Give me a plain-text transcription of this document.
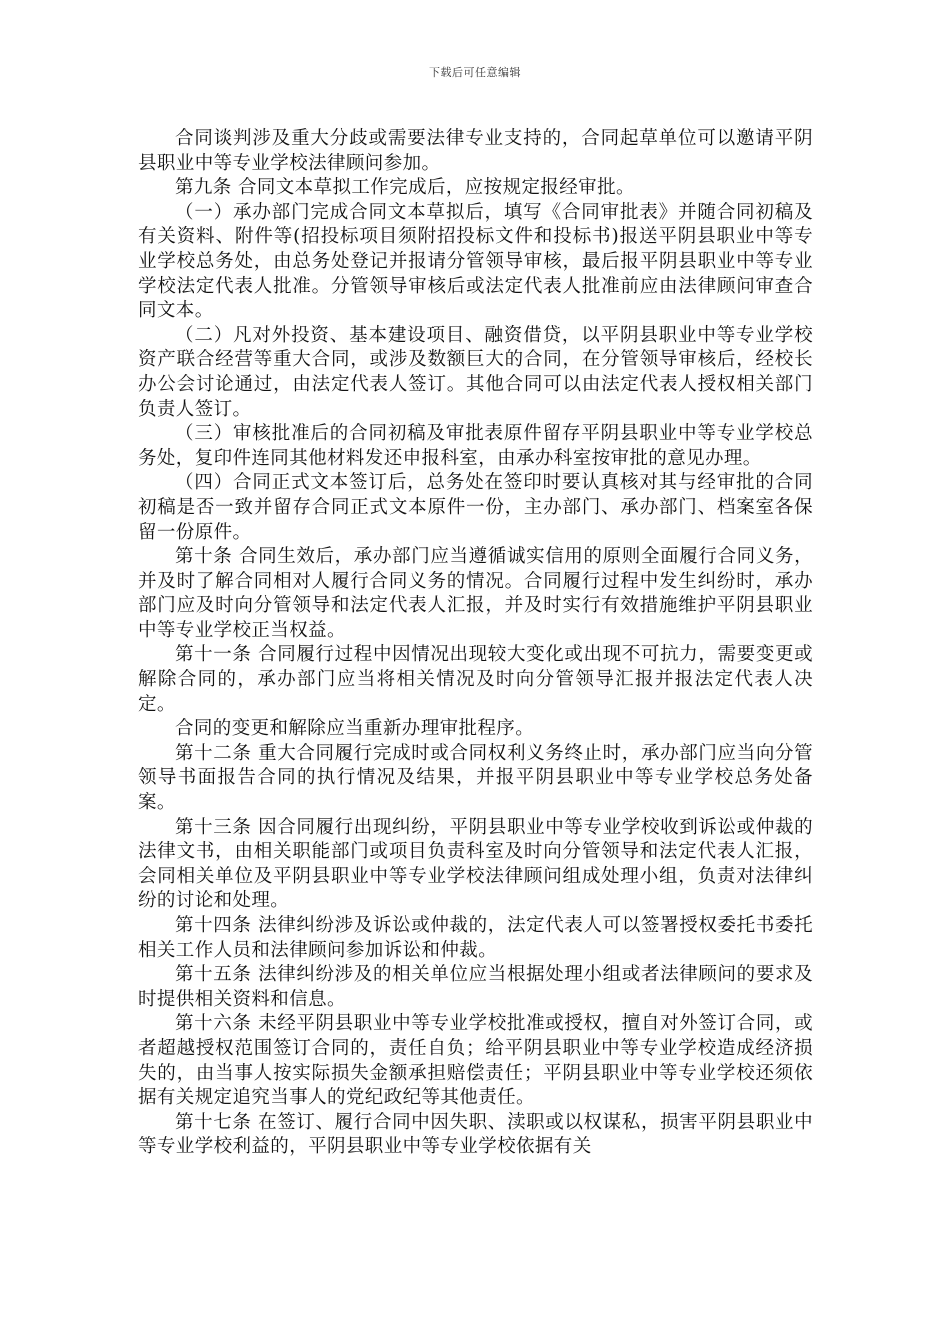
下载后可任意编辑

合同谈判涉及重大分歧或需要法律专业支持的，合同起草单位可以邀请平阴县职业中等专业学校法律顾问参加。

第九条 合同文本草拟工作完成后，应按规定报经审批。

（一）承办部门完成合同文本草拟后，填写《合同审批表》并随合同初稿及有关资料、附件等(招投标项目须附招投标文件和投标书)报送平阴县职业中等专业学校总务处，由总务处登记并报请分管领导审核，最后报平阴县职业中等专业学校法定代表人批准。分管领导审核后或法定代表人批准前应由法律顾问审查合同文本。

（二）凡对外投资、基本建设项目、融资借贷，以平阴县职业中等专业学校资产联合经营等重大合同，或涉及数额巨大的合同，在分管领导审核后，经校长办公会讨论通过，由法定代表人签订。其他合同可以由法定代表人授权相关部门负责人签订。

（三）审核批准后的合同初稿及审批表原件留存平阴县职业中等专业学校总务处，复印件连同其他材料发还申报科室，由承办科室按审批的意见办理。

（四）合同正式文本签订后，总务处在签印时要认真核对其与经审批的合同初稿是否一致并留存合同正式文本原件一份，主办部门、承办部门、档案室各保留一份原件。

第十条 合同生效后，承办部门应当遵循诚实信用的原则全面履行合同义务，并及时了解合同相对人履行合同义务的情况。合同履行过程中发生纠纷时，承办部门应及时向分管领导和法定代表人汇报，并及时实行有效措施维护平阴县职业中等专业学校正当权益。

第十一条 合同履行过程中因情况出现较大变化或出现不可抗力，需要变更或解除合同的，承办部门应当将相关情况及时向分管领导汇报并报法定代表人决定。

合同的变更和解除应当重新办理审批程序。

第十二条 重大合同履行完成时或合同权利义务终止时，承办部门应当向分管领导书面报告合同的执行情况及结果，并报平阴县职业中等专业学校总务处备案。

第十三条 因合同履行出现纠纷，平阴县职业中等专业学校收到诉讼或仲裁的法律文书，由相关职能部门或项目负责科室及时向分管领导和法定代表人汇报，会同相关单位及平阴县职业中等专业学校法律顾问组成处理小组，负责对法律纠纷的讨论和处理。

第十四条 法律纠纷涉及诉讼或仲裁的，法定代表人可以签署授权委托书委托相关工作人员和法律顾问参加诉讼和仲裁。

第十五条 法律纠纷涉及的相关单位应当根据处理小组或者法律顾问的要求及时提供相关资料和信息。

第十六条 未经平阴县职业中等专业学校批准或授权，擅自对外签订合同，或者超越授权范围签订合同的，责任自负；给平阴县职业中等专业学校造成经济损失的，由当事人按实际损失金额承担赔偿责任；平阴县职业中等专业学校还须依据有关规定追究当事人的党纪政纪等其他责任。

第十七条 在签订、履行合同中因失职、渎职或以权谋私，损害平阴县职业中等专业学校利益的，平阴县职业中等专业学校依据有关
